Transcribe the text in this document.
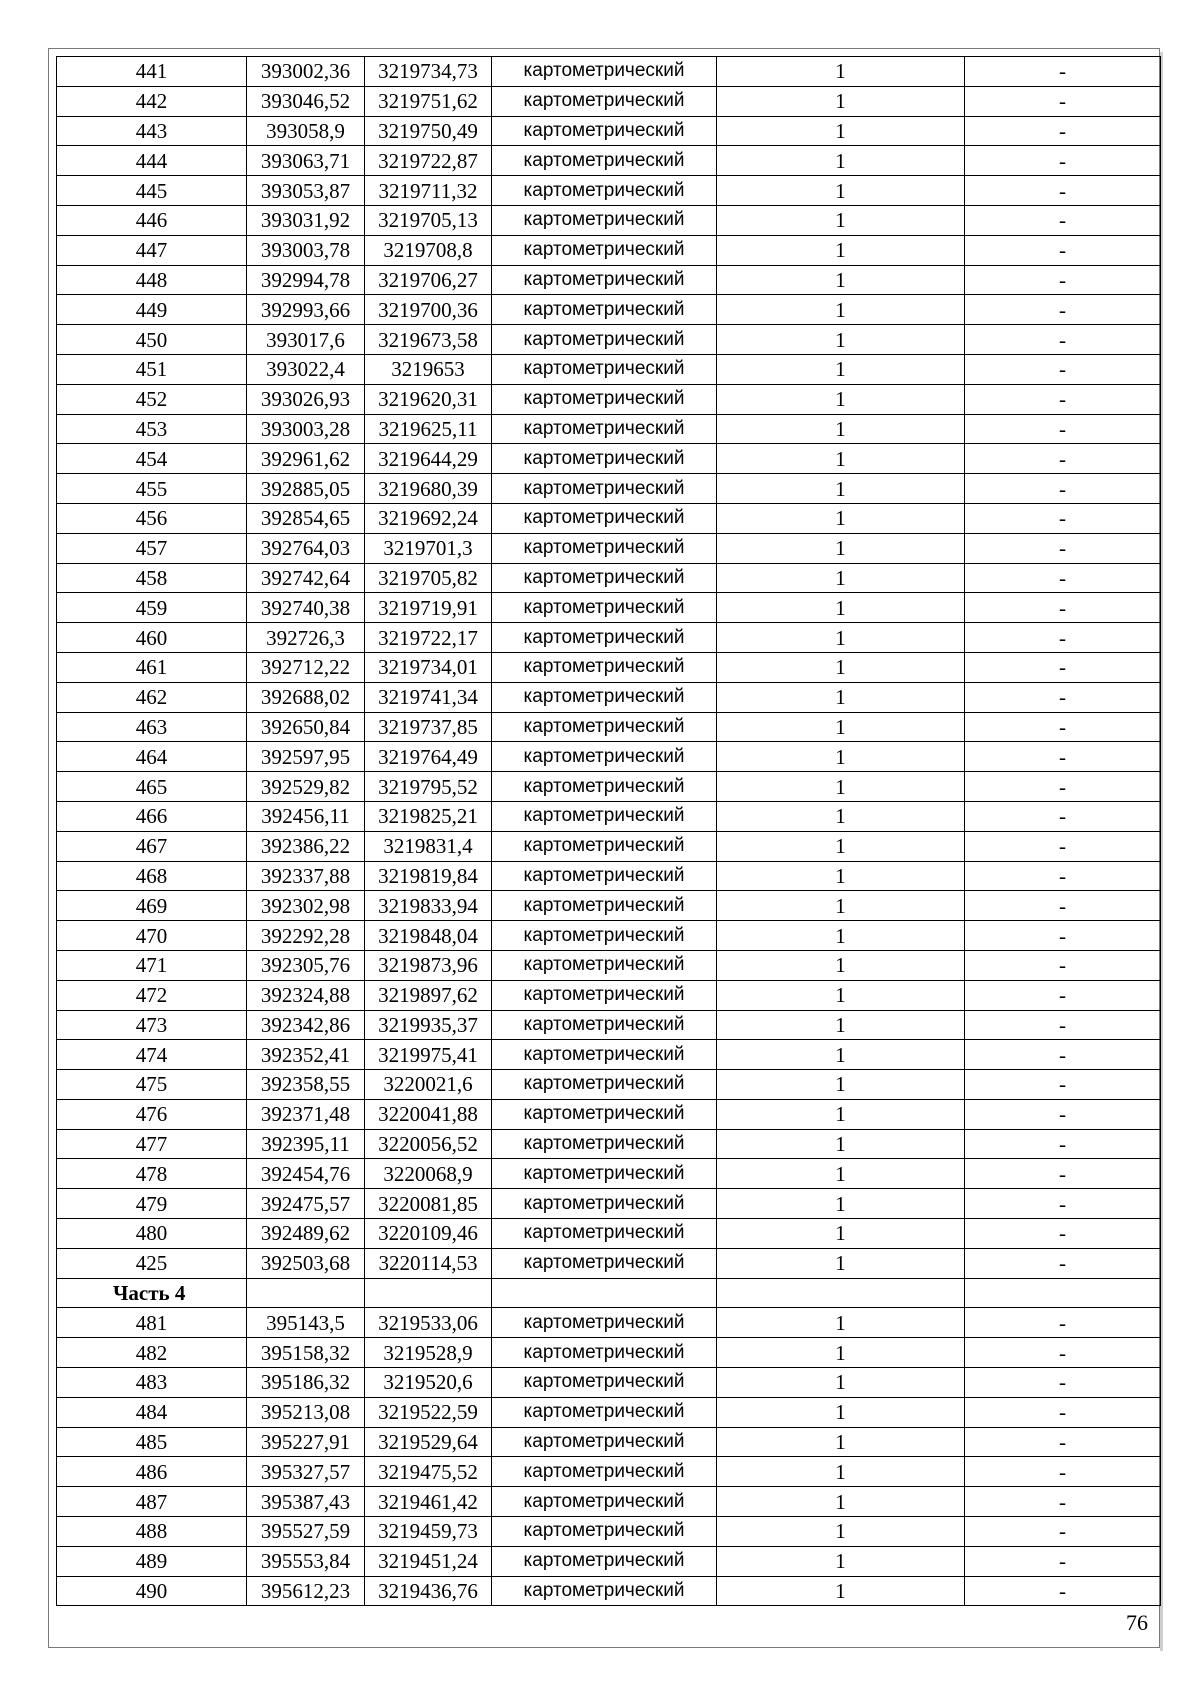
441	393002,36	3219734,73	картометрический	1	-
442	393046,52	3219751,62	картометрический	1	-
443	393058,9	3219750,49	картометрический	1	-
444	393063,71	3219722,87	картометрический	1	-
445	393053,87	3219711,32	картометрический	1	-
446	393031,92	3219705,13	картометрический	1	-
447	393003,78	3219708,8	картометрический	1	-
448	392994,78	3219706,27	картометрический	1	-
449	392993,66	3219700,36	картометрический	1	-
450	393017,6	3219673,58	картометрический	1	-
451	393022,4	3219653	картометрический	1	-
452	393026,93	3219620,31	картометрический	1	-
453	393003,28	3219625,11	картометрический	1	-
454	392961,62	3219644,29	картометрический	1	-
455	392885,05	3219680,39	картометрический	1	-
456	392854,65	3219692,24	картометрический	1	-
457	392764,03	3219701,3	картометрический	1	-
458	392742,64	3219705,82	картометрический	1	-
459	392740,38	3219719,91	картометрический	1	-
460	392726,3	3219722,17	картометрический	1	-
461	392712,22	3219734,01	картометрический	1	-
462	392688,02	3219741,34	картометрический	1	-
463	392650,84	3219737,85	картометрический	1	-
464	392597,95	3219764,49	картометрический	1	-
465	392529,82	3219795,52	картометрический	1	-
466	392456,11	3219825,21	картометрический	1	-
467	392386,22	3219831,4	картометрический	1	-
468	392337,88	3219819,84	картометрический	1	-
469	392302,98	3219833,94	картометрический	1	-
470	392292,28	3219848,04	картометрический	1	-
471	392305,76	3219873,96	картометрический	1	-
472	392324,88	3219897,62	картометрический	1	-
473	392342,86	3219935,37	картометрический	1	-
474	392352,41	3219975,41	картометрический	1	-
475	392358,55	3220021,6	картометрический	1	-
476	392371,48	3220041,88	картометрический	1	-
477	392395,11	3220056,52	картометрический	1	-
478	392454,76	3220068,9	картометрический	1	-
479	392475,57	3220081,85	картометрический	1	-
480	392489,62	3220109,46	картометрический	1	-
425	392503,68	3220114,53	картометрический	1	-
Часть 4					
481	395143,5	3219533,06	картометрический	1	-
482	395158,32	3219528,9	картометрический	1	-
483	395186,32	3219520,6	картометрический	1	-
484	395213,08	3219522,59	картометрический	1	-
485	395227,91	3219529,64	картометрический	1	-
486	395327,57	3219475,52	картометрический	1	-
487	395387,43	3219461,42	картометрический	1	-
488	395527,59	3219459,73	картометрический	1	-
489	395553,84	3219451,24	картометрический	1	-
490	395612,23	3219436,76	картометрический	1	-
76
